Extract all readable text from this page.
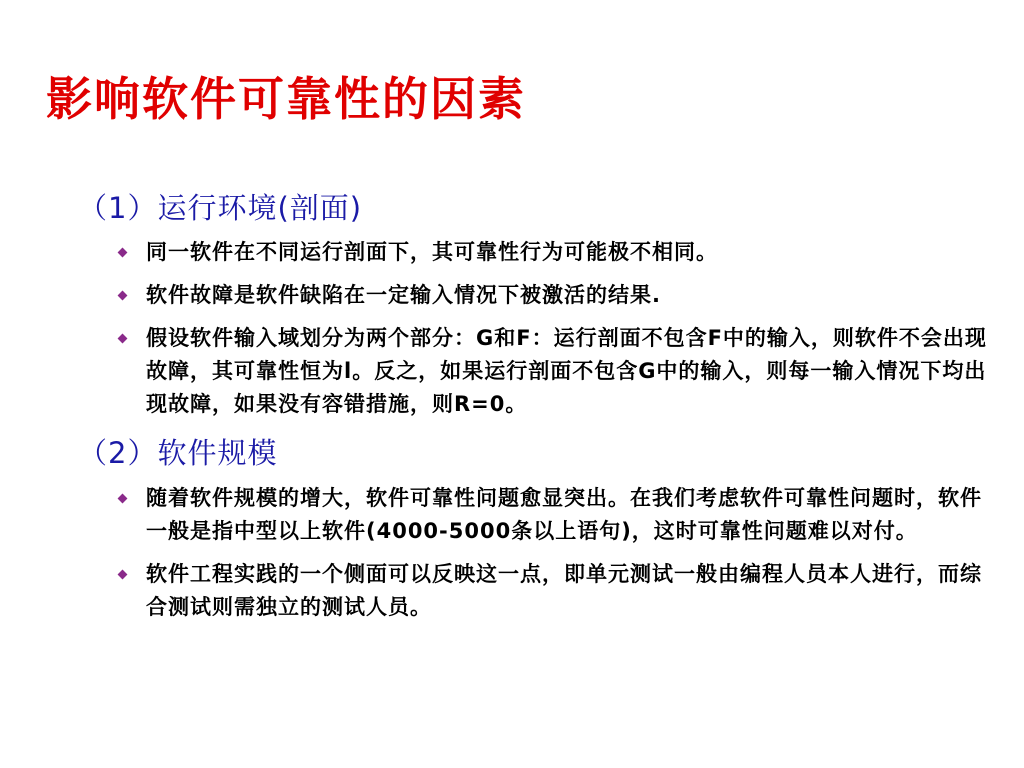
影响软件可靠性的因素
（1）运行环境(剖面)
同一软件在不同运行剖面下，其可靠性行为可能极不相同。
软件故障是软件缺陷在一定输入情况下被激活的结果.
假设软件输入域划分为两个部分：G和F：运行剖面不包含F中的输入，则软件不会出现故障，其可靠性恒为l。反之，如果运行剖面不包含G中的输入，则每一输入情况下均出现故障，如果没有容错措施，则R=0。
（2）软件规模
随着软件规模的增大，软件可靠性问题愈显突出。在我们考虑软件可靠性问题时，软件一般是指中型以上软件(4000-5000条以上语句)，这时可靠性问题难以对付。
软件工程实践的一个侧面可以反映这一点，即单元测试一般由编程人员本人进行，而综合测试则需独立的测试人员。
